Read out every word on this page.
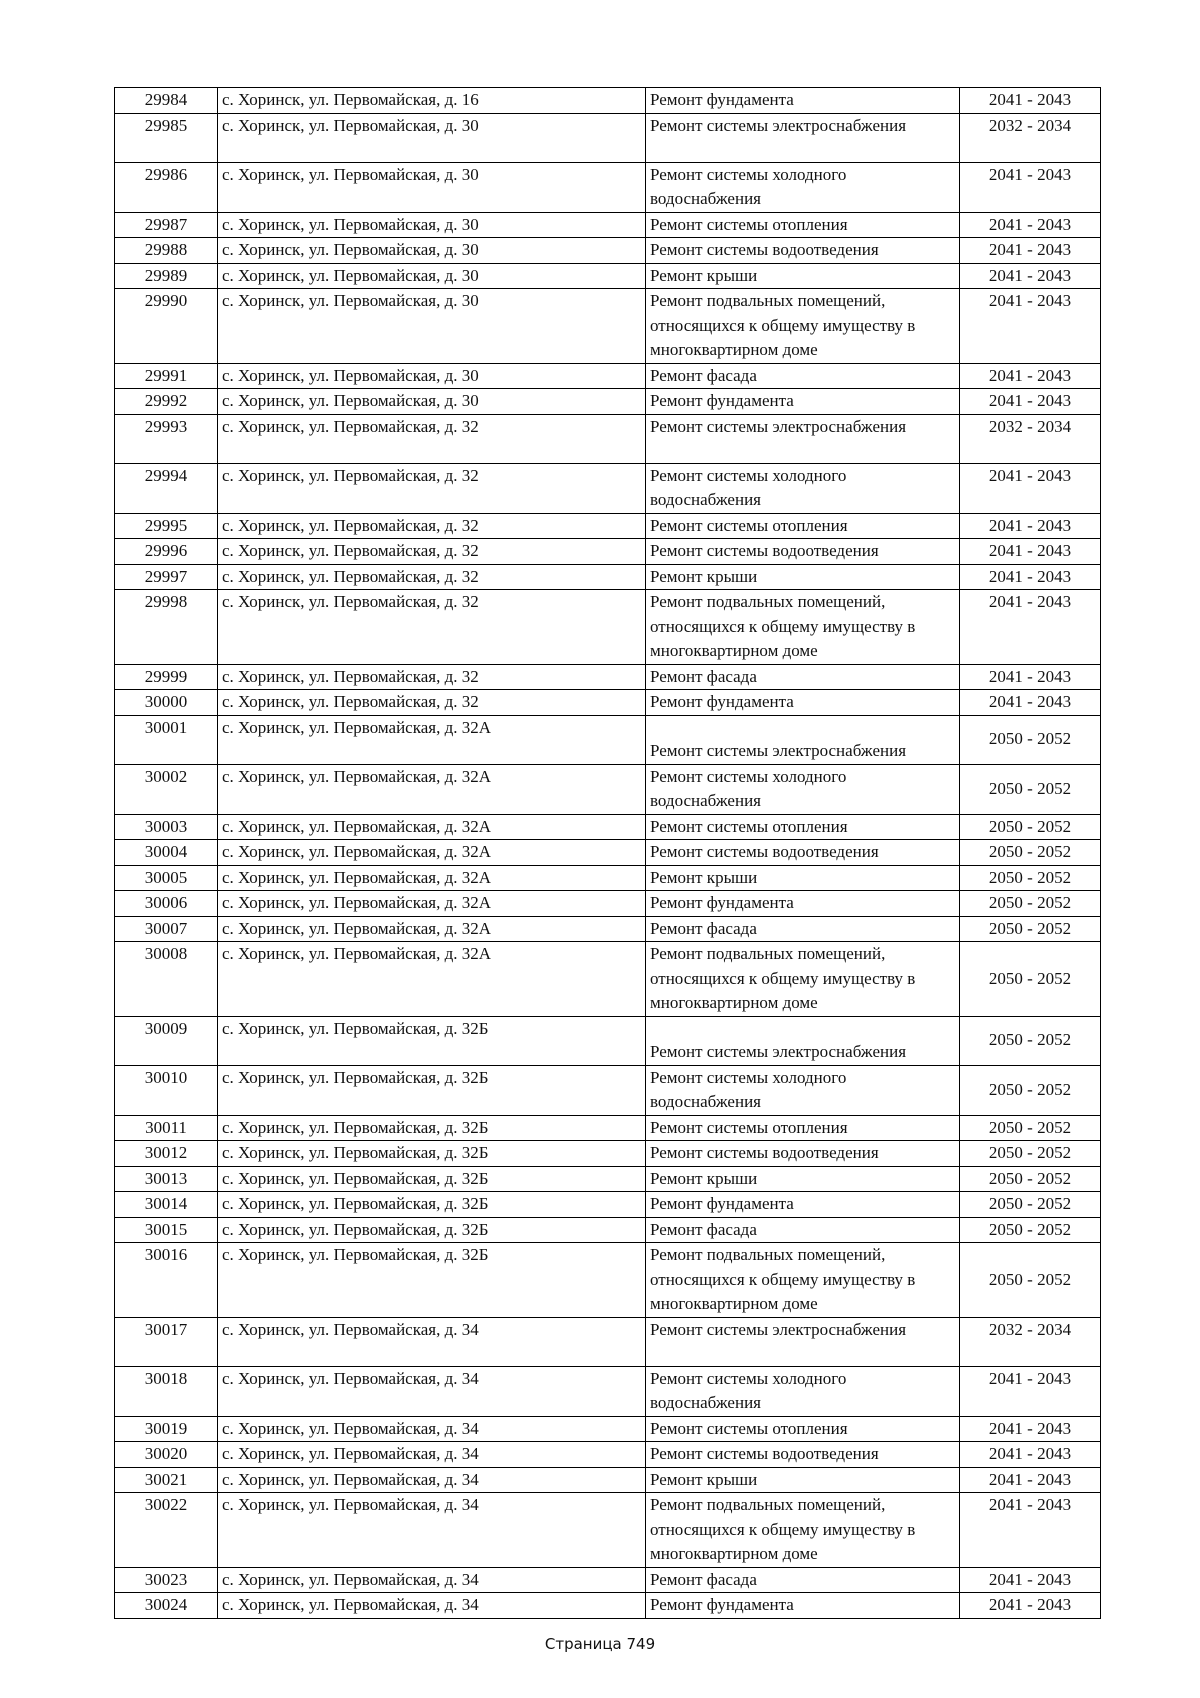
29984	с. Хоринск, ул. Первомайская, д. 16	Ремонт фундамента	2041 - 2043
29985	с. Хоринск, ул. Первомайская, д. 30	Ремонт системы электроснабжения	2032 - 2034
29986	с. Хоринск, ул. Первомайская, д. 30	Ремонт системы холодного водоснабжения	2041 - 2043
29987	с. Хоринск, ул. Первомайская, д. 30	Ремонт системы отопления	2041 - 2043
29988	с. Хоринск, ул. Первомайская, д. 30	Ремонт системы водоотведения	2041 - 2043
29989	с. Хоринск, ул. Первомайская, д. 30	Ремонт крыши	2041 - 2043
29990	с. Хоринск, ул. Первомайская, д. 30	Ремонт подвальных помещений, относящихся к общему имуществу в многоквартирном доме	2041 - 2043
29991	с. Хоринск, ул. Первомайская, д. 30	Ремонт фасада	2041 - 2043
29992	с. Хоринск, ул. Первомайская, д. 30	Ремонт фундамента	2041 - 2043
29993	с. Хоринск, ул. Первомайская, д. 32	Ремонт системы электроснабжения	2032 - 2034
29994	с. Хоринск, ул. Первомайская, д. 32	Ремонт системы холодного водоснабжения	2041 - 2043
29995	с. Хоринск, ул. Первомайская, д. 32	Ремонт системы отопления	2041 - 2043
29996	с. Хоринск, ул. Первомайская, д. 32	Ремонт системы водоотведения	2041 - 2043
29997	с. Хоринск, ул. Первомайская, д. 32	Ремонт крыши	2041 - 2043
29998	с. Хоринск, ул. Первомайская, д. 32	Ремонт подвальных помещений, относящихся к общему имуществу в многоквартирном доме	2041 - 2043
29999	с. Хоринск, ул. Первомайская, д. 32	Ремонт фасада	2041 - 2043
30000	с. Хоринск, ул. Первомайская, д. 32	Ремонт фундамента	2041 - 2043
30001	с. Хоринск, ул. Первомайская, д. 32А	Ремонт системы электроснабжения	2050 - 2052
30002	с. Хоринск, ул. Первомайская, д. 32А	Ремонт системы холодного водоснабжения	2050 - 2052
30003	с. Хоринск, ул. Первомайская, д. 32А	Ремонт системы отопления	2050 - 2052
30004	с. Хоринск, ул. Первомайская, д. 32А	Ремонт системы водоотведения	2050 - 2052
30005	с. Хоринск, ул. Первомайская, д. 32А	Ремонт крыши	2050 - 2052
30006	с. Хоринск, ул. Первомайская, д. 32А	Ремонт фундамента	2050 - 2052
30007	с. Хоринск, ул. Первомайская, д. 32А	Ремонт фасада	2050 - 2052
30008	с. Хоринск, ул. Первомайская, д. 32А	Ремонт подвальных помещений, относящихся к общему имуществу в многоквартирном доме	2050 - 2052
30009	с. Хоринск, ул. Первомайская, д. 32Б	Ремонт системы электроснабжения	2050 - 2052
30010	с. Хоринск, ул. Первомайская, д. 32Б	Ремонт системы холодного водоснабжения	2050 - 2052
30011	с. Хоринск, ул. Первомайская, д. 32Б	Ремонт системы отопления	2050 - 2052
30012	с. Хоринск, ул. Первомайская, д. 32Б	Ремонт системы водоотведения	2050 - 2052
30013	с. Хоринск, ул. Первомайская, д. 32Б	Ремонт крыши	2050 - 2052
30014	с. Хоринск, ул. Первомайская, д. 32Б	Ремонт фундамента	2050 - 2052
30015	с. Хоринск, ул. Первомайская, д. 32Б	Ремонт фасада	2050 - 2052
30016	с. Хоринск, ул. Первомайская, д. 32Б	Ремонт подвальных помещений, относящихся к общему имуществу в многоквартирном доме	2050 - 2052
30017	с. Хоринск, ул. Первомайская, д. 34	Ремонт системы электроснабжения	2032 - 2034
30018	с. Хоринск, ул. Первомайская, д. 34	Ремонт системы холодного водоснабжения	2041 - 2043
30019	с. Хоринск, ул. Первомайская, д. 34	Ремонт системы отопления	2041 - 2043
30020	с. Хоринск, ул. Первомайская, д. 34	Ремонт системы водоотведения	2041 - 2043
30021	с. Хоринск, ул. Первомайская, д. 34	Ремонт крыши	2041 - 2043
30022	с. Хоринск, ул. Первомайская, д. 34	Ремонт подвальных помещений, относящихся к общему имуществу в многоквартирном доме	2041 - 2043
30023	с. Хоринск, ул. Первомайская, д. 34	Ремонт фасада	2041 - 2043
30024	с. Хоринск, ул. Первомайская, д. 34	Ремонт фундамента	2041 - 2043
Страница 749
